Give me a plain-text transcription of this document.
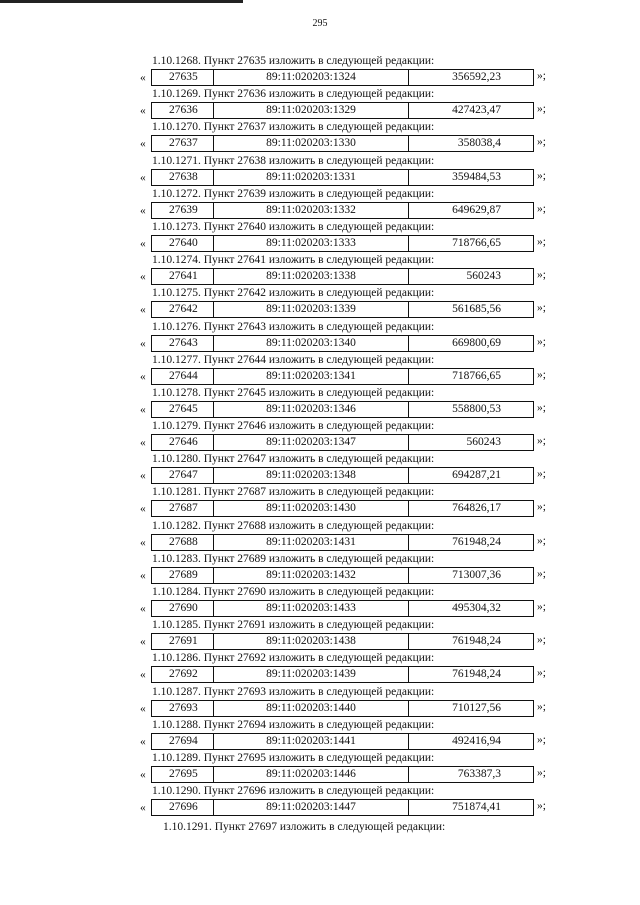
295
1.10.1268. Пункт 27635 изложить в следующей редакции:
«	27635	89:11:020203:1324	356592,23	»;
1.10.1269. Пункт 27636 изложить в следующей редакции:
«	27636	89:11:020203:1329	427423,47	»;
1.10.1270. Пункт 27637 изложить в следующей редакции:
«	27637	89:11:020203:1330	358038,4	»;
1.10.1271. Пункт 27638 изложить в следующей редакции:
«	27638	89:11:020203:1331	359484,53	»;
1.10.1272. Пункт 27639 изложить в следующей редакции:
«	27639	89:11:020203:1332	649629,87	»;
1.10.1273. Пункт 27640 изложить в следующей редакции:
«	27640	89:11:020203:1333	718766,65	»;
1.10.1274. Пункт 27641 изложить в следующей редакции:
«	27641	89:11:020203:1338	560243	»;
1.10.1275. Пункт 27642 изложить в следующей редакции:
«	27642	89:11:020203:1339	561685,56	»;
1.10.1276. Пункт 27643 изложить в следующей редакции:
«	27643	89:11:020203:1340	669800,69	»;
1.10.1277. Пункт 27644 изложить в следующей редакции:
«	27644	89:11:020203:1341	718766,65	»;
1.10.1278. Пункт 27645 изложить в следующей редакции:
«	27645	89:11:020203:1346	558800,53	»;
1.10.1279. Пункт 27646 изложить в следующей редакции:
«	27646	89:11:020203:1347	560243	»;
1.10.1280. Пункт 27647 изложить в следующей редакции:
«	27647	89:11:020203:1348	694287,21	»;
1.10.1281. Пункт 27687 изложить в следующей редакции:
«	27687	89:11:020203:1430	764826,17	»;
1.10.1282. Пункт 27688 изложить в следующей редакции:
«	27688	89:11:020203:1431	761948,24	»;
1.10.1283. Пункт 27689 изложить в следующей редакции:
«	27689	89:11:020203:1432	713007,36	»;
1.10.1284. Пункт 27690 изложить в следующей редакции:
«	27690	89:11:020203:1433	495304,32	»;
1.10.1285. Пункт 27691 изложить в следующей редакции:
«	27691	89:11:020203:1438	761948,24	»;
1.10.1286. Пункт 27692 изложить в следующей редакции:
«	27692	89:11:020203:1439	761948,24	»;
1.10.1287. Пункт 27693 изложить в следующей редакции:
«	27693	89:11:020203:1440	710127,56	»;
1.10.1288. Пункт 27694 изложить в следующей редакции:
«	27694	89:11:020203:1441	492416,94	»;
1.10.1289. Пункт 27695 изложить в следующей редакции:
«	27695	89:11:020203:1446	763387,3	»;
1.10.1290. Пункт 27696 изложить в следующей редакции:
«	27696	89:11:020203:1447	751874,41	»;
1.10.1291. Пункт 27697 изложить в следующей редакции:
